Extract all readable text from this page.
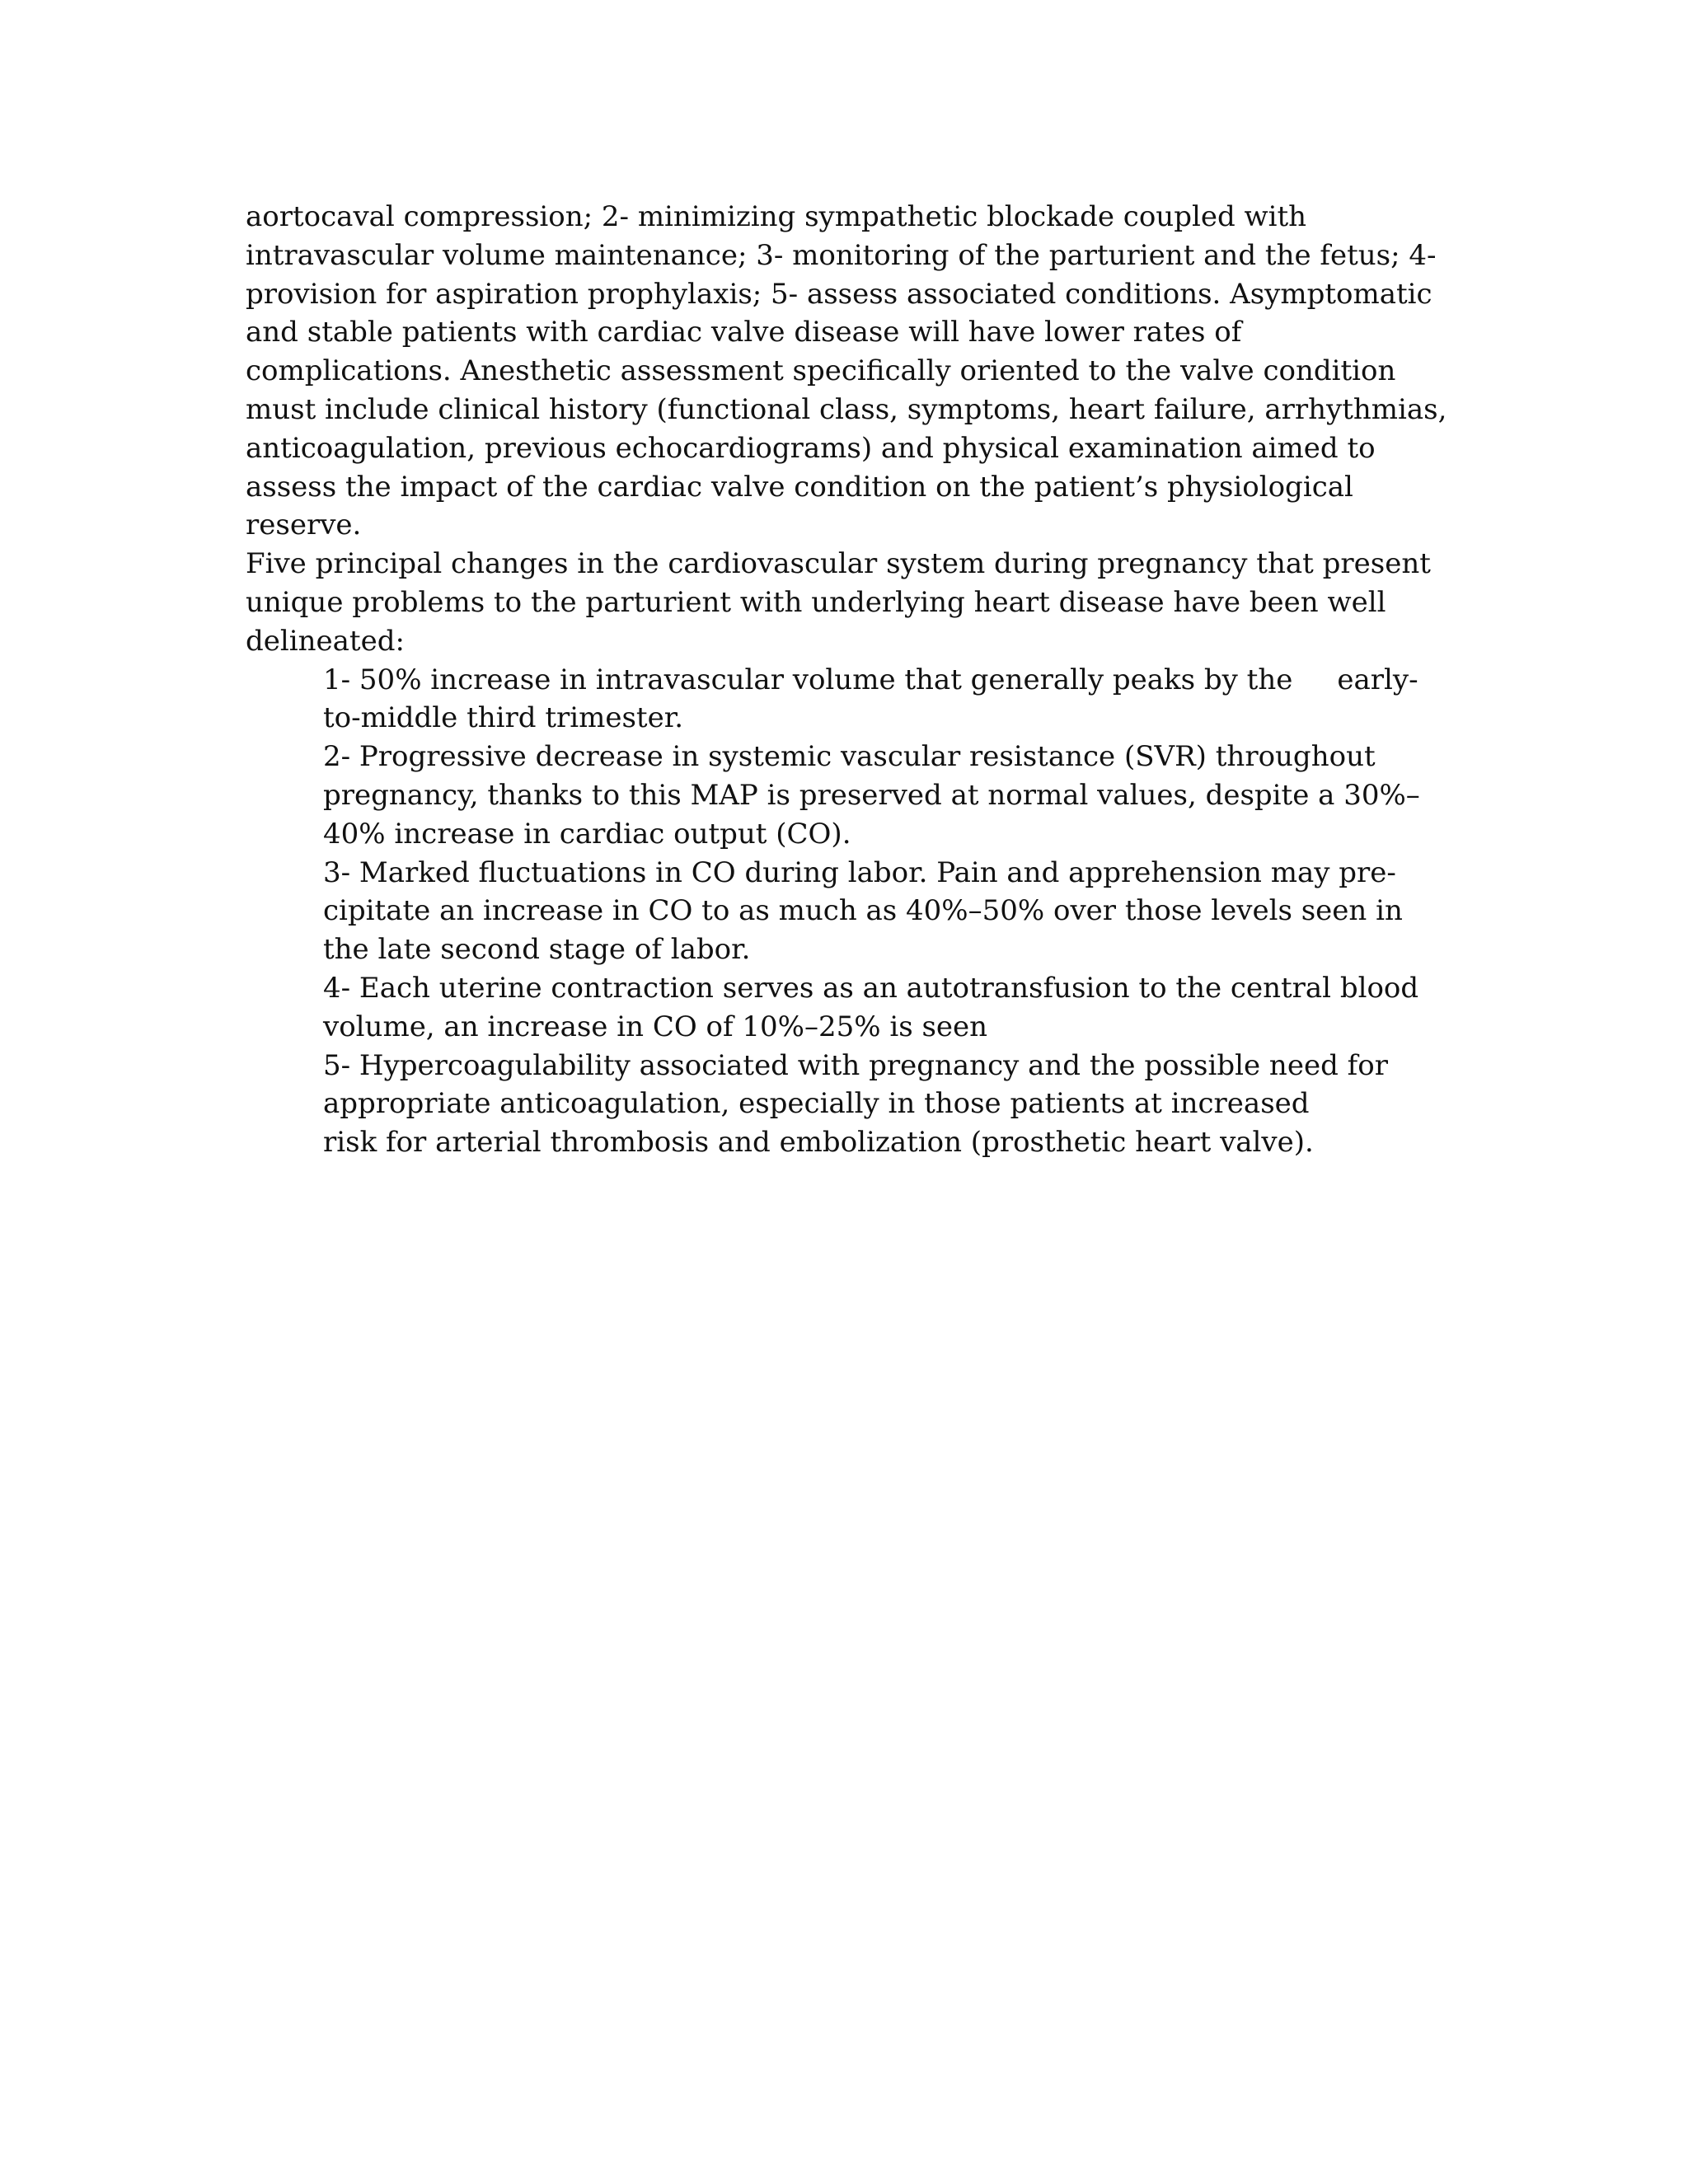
aortocaval compression; 2- minimizing sympathetic blockade coupled with
intravascular volume maintenance; 3- monitoring of the parturient and the fetus; 4-
provision for aspiration prophylaxis; 5- assess associated conditions. Asymptomatic
and stable patients with cardiac valve disease will have lower rates of
complications. Anesthetic assessment specifically oriented to the valve condition
must include clinical history (functional class, symptoms, heart failure, arrhythmias,
anticoagulation, previous echocardiograms) and physical examination aimed to
assess the impact of the cardiac valve condition on the patient’s physiological
reserve.
Five principal changes in the cardiovascular system during pregnancy that present
unique problems to the parturient with underlying heart disease have been well
delineated:
1- 50% increase in intravascular volume that generally peaks by the     early-
to-middle third trimester.
2- Progressive decrease in systemic vascular resistance (SVR) throughout
pregnancy, thanks to this MAP is preserved at normal values, despite a 30%–
40% increase in cardiac output (CO).
3- Marked fluctuations in CO during labor. Pain and apprehension may pre-
cipitate an increase in CO to as much as 40%–50% over those levels seen in
the late second stage of labor.
4- Each uterine contraction serves as an autotransfusion to the central blood
volume, an increase in CO of 10%–25% is seen
5- Hypercoagulability associated with pregnancy and the possible need for
appropriate anticoagulation, especially in those patients at increased
risk for arterial thrombosis and embolization (prosthetic heart valve).
